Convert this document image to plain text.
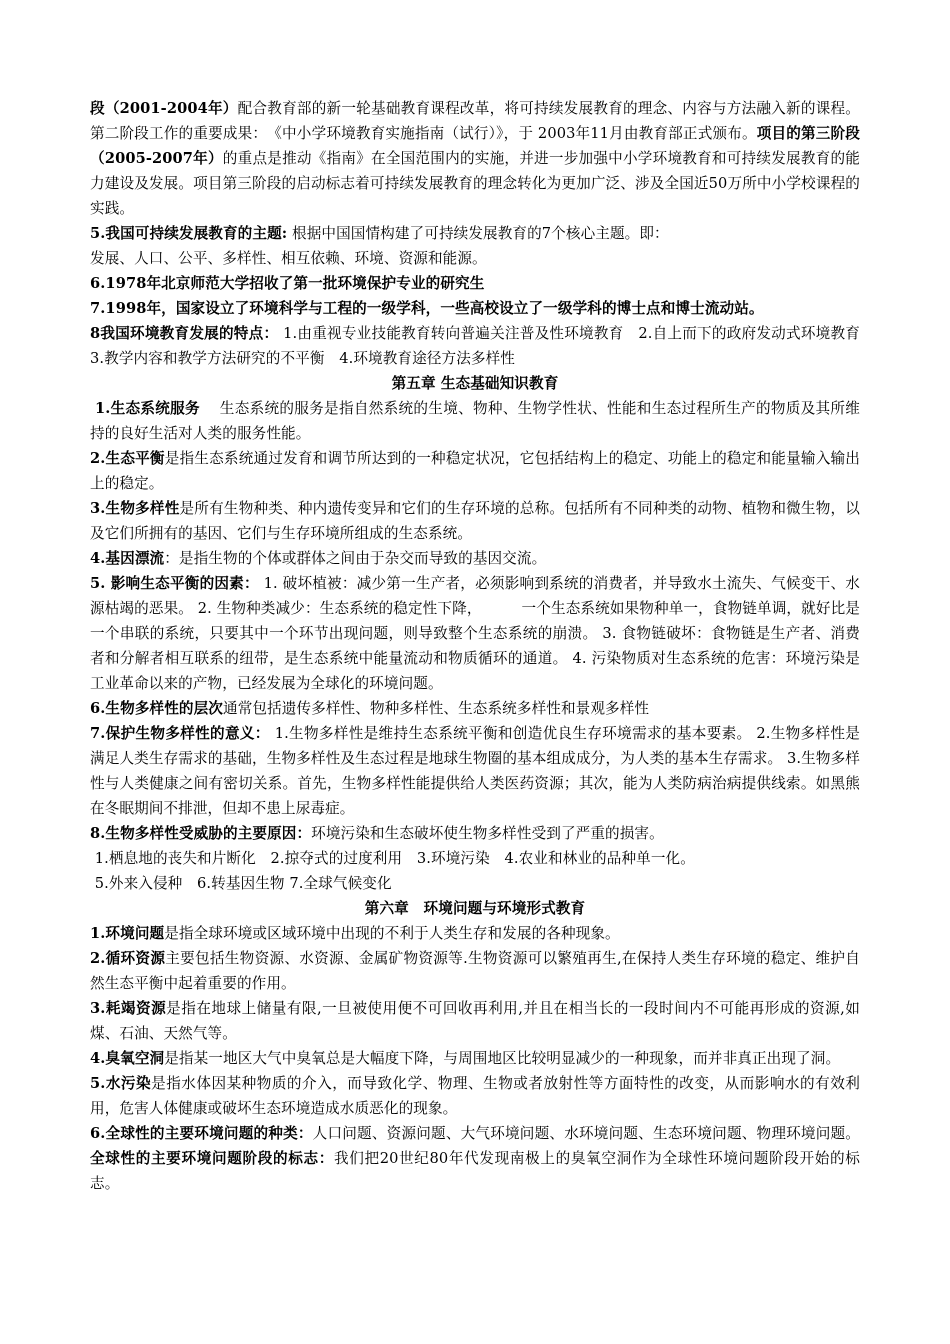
段（2001-2004年）配合教育部的新一轮基础教育课程改革，将可持续发展教育的理念、内容与方法融入新的课程。第二阶段工作的重要成果：　《中小学环境教育实施指南（试行）》，于 2003年11月由教育部正式颁布。项目的第三阶段（2005-2007年）的重点是推动《指南》在全国范围内的实施，并进一步加强中小学环境教育和可持续发展教育的能力建设及发展。项目第三阶段的启动标志着可持续发展教育的理念转化为更加广泛、涉及全国近50万所中小学校课程的实践。

5.我国可持续发展教育的主题: 根据中国国情构建了可持续发展教育的7个核心主题。即：

发展、人口、公平、多样性、相互依赖、环境、资源和能源。

6.1978年北京师范大学招收了第一批环境保护专业的研究生

7.1998年，国家设立了环境科学与工程的一级学科，一些高校设立了一级学科的博士点和博士流动站。

8我国环境教育发展的特点： 1.由重视专业技能教育转向普遍关注普及性环境教育　2.自上而下的政府发动式环境教育 3.教学内容和教学方法研究的不平衡　4.环境教育途径方法多样性

第五章 生态基础知识教育

1.生态系统服务　 生态系统的服务是指自然系统的生境、物种、生物学性状、性能和生态过程所生产的物质及其所维持的良好生活对人类的服务性能。

2.生态平衡是指生态系统通过发育和调节所达到的一种稳定状况，它包括结构上的稳定、功能上的稳定和能量输入输出上的稳定。

3.生物多样性是所有生物种类、种内遗传变异和它们的生存环境的总称。包括所有不同种类的动物、植物和微生物，以及它们所拥有的基因、它们与生存环境所组成的生态系统。

4.基因漂流：是指生物的个体或群体之间由于杂交而导致的基因交流。

5. 影响生态平衡的因素： 1. 破坏植被：减少第一生产者，必须影响到系统的消费者，并导致水土流失、气候变干、水源枯竭的恶果。 2. 生物种类减少：生态系统的稳定性下降，	一个生态系统如果物种单一，食物链单调，就好比是一个串联的系统，只要其中一个环节出现问题，则导致整个生态系统的崩溃。 3. 食物链破坏：食物链是生产者、消费者和分解者相互联系的纽带，是生态系统中能量流动和物质循环的通道。 4. 污染物质对生态系统的危害：环境污染是工业革命以来的产物，已经发展为全球化的环境问题。

6.生物多样性的层次通常包括遗传多样性、物种多样性、生态系统多样性和景观多样性

7.保护生物多样性的意义： 1.生物多样性是维持生态系统平衡和创造优良生存环境需求的基本要素。 2.生物多样性是满足人类生存需求的基础，生物多样性及生态过程是地球生物圈的基本组成成分，为人类的基本生存需求。 3.生物多样性与人类健康之间有密切关系。首先，生物多样性能提供给人类医药资源；其次，能为人类防病治病提供线索。如黑熊在冬眠期间不排泄，但却不患上尿毒症。

8.生物多样性受威胁的主要原因：环境污染和生态破坏使生物多样性受到了严重的损害。

1.栖息地的丧失和片断化　2.掠夺式的过度利用　3.环境污染　4.农业和林业的品种单一化。

5.外来入侵种　6.转基因生物 7.全球气候变化

第六章　环境问题与环境形式教育

1.环境问题是指全球环境或区域环境中出现的不利于人类生存和发展的各种现象。

2.循环资源主要包括生物资源、水资源、金属矿物资源等.生物资源可以繁殖再生,在保持人类生存环境的稳定、维护自然生态平衡中起着重要的作用。

3.耗竭资源是指在地球上储量有限,一旦被使用便不可回收再利用,并且在相当长的一段时间内不可能再形成的资源,如煤、石油、天然气等。

4.臭氧空洞是指某一地区大气中臭氧总是大幅度下降，与周围地区比较明显减少的一种现象，而并非真正出现了洞。

5.水污染是指水体因某种物质的介入，而导致化学、物理、生物或者放射性等方面特性的改变，从而影响水的有效利用，危害人体健康或破坏生态环境造成水质恶化的现象。

6.全球性的主要环境问题的种类：人口问题、资源问题、大气环境问题、水环境问题、生态环境问题、物理环境问题。全球性的主要环境问题阶段的标志：我们把20世纪80年代发现南极上的臭氧空洞作为全球性环境问题阶段开始的标志。
